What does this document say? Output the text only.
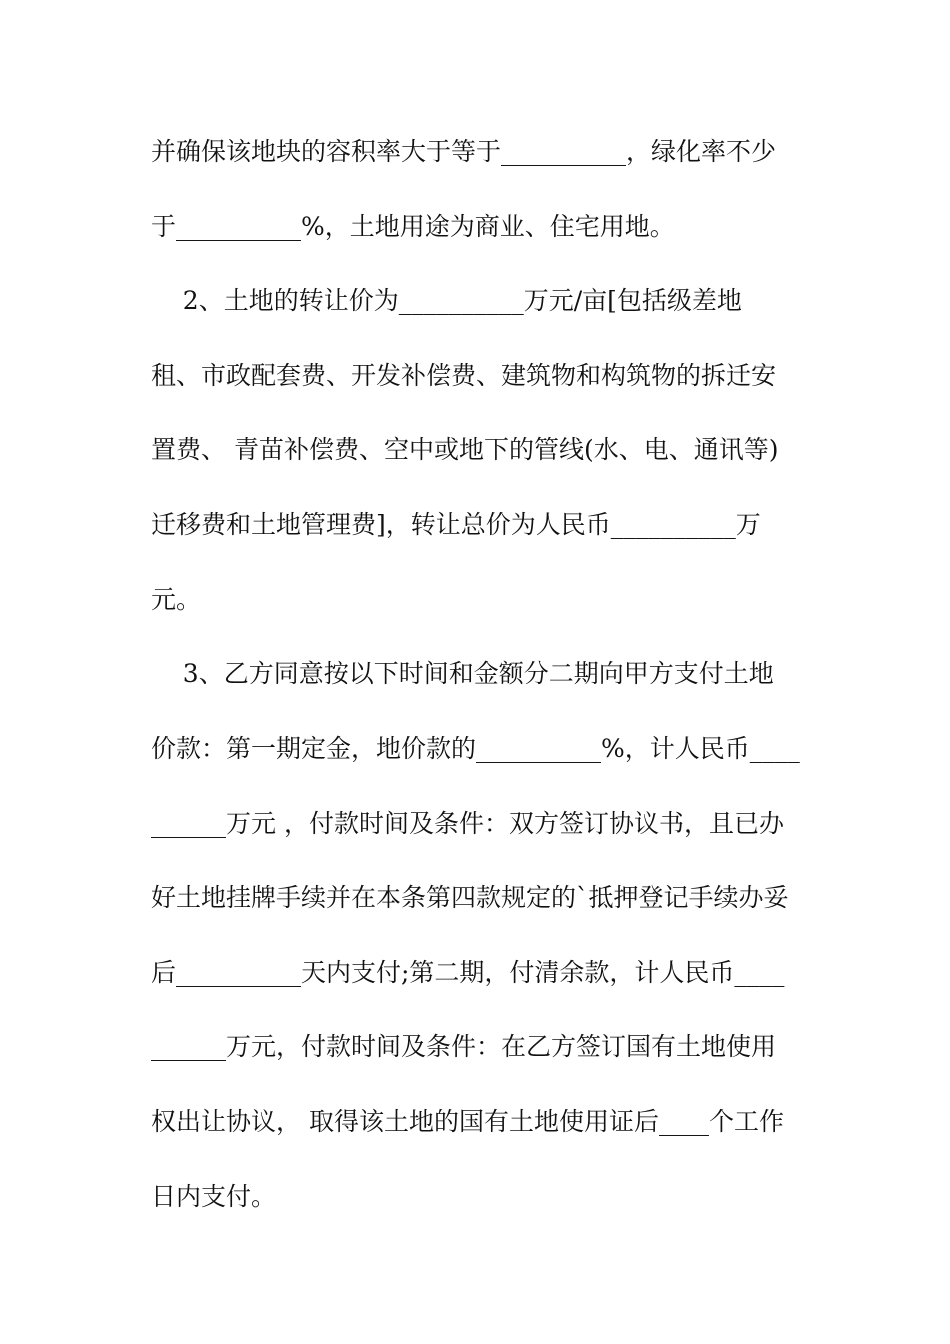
并确保该地块的容积率大于等于__________，绿化率不少

于__________%，土地用途为商业、住宅用地。

2、土地的转让价为__________万元/亩[包括级差地

租、市政配套费、开发补偿费、建筑物和构筑物的拆迁安

置费、 青苗补偿费、空中或地下的管线(水、电、通讯等)

迁移费和土地管理费]，转让总价为人民币__________万

元。

3、乙方同意按以下时间和金额分二期向甲方支付土地

价款：第一期定金，地价款的__________%，计人民币____

______万元 ，付款时间及条件：双方签订协议书，且已办

好土地挂牌手续并在本条第四款规定的`抵押登记手续办妥

后__________天内支付;第二期，付清余款，计人民币____

______万元，付款时间及条件：在乙方签订国有土地使用

权出让协议， 取得该土地的国有土地使用证后____个工作

日内支付。
